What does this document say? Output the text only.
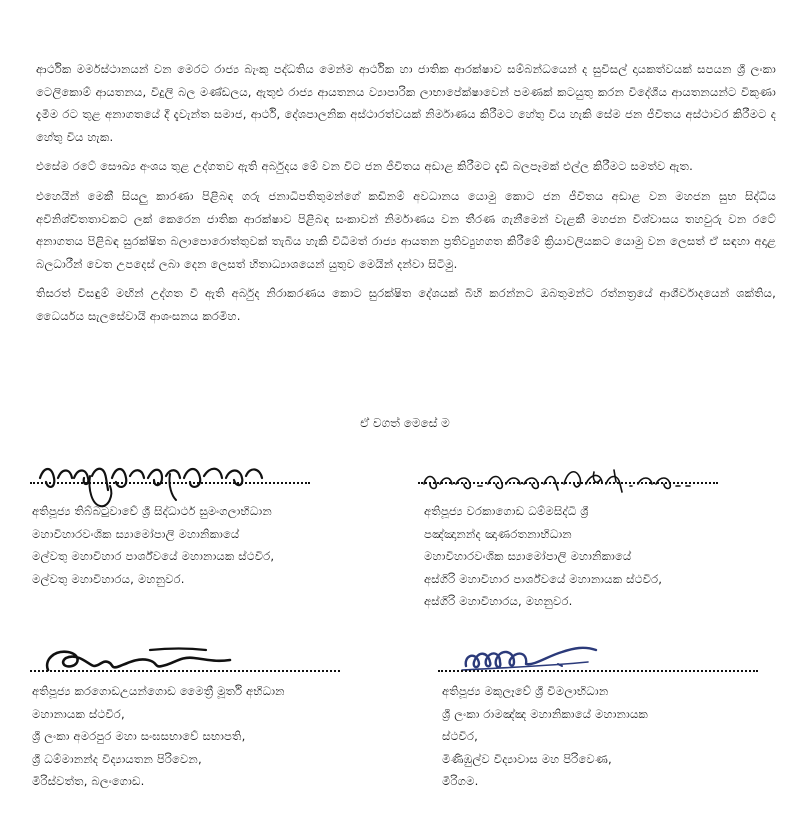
ආර්ථික මර්මස්ථානයන් වන මෙරට රාජ්‍ය බැංකු පද්ධතිය මෙන්ම ආර්ථික හා ජාතික ආරක්ෂාව සම්බන්ධයෙන් ද සුවිසල් දායකත්වයක් සපයන ශ්‍රී ලංකා ටෙලිකොම් ආයතනය, විදුලි බල මණ්ඩලය, ඇතුළු රාජ්‍ය ආයතනය ව්‍යාපාරික ලාභාපේක්ෂාවෙන් පමණක් කටයුතු කරන විදේශීය ආයතනයන්ට විකුණා දැමීම රට තුළ අනාගතයේ දී දැවැන්ත සමාජ, ආර්ථි, දේශපාලනික අස්ථාරත්වයක් නිර්මාණය කිරීමට හේතු විය හැකි සේම ජන ජීවිතය අස්ථාවර කිරීමට ද හේතු විය හැක.

එසේම රටේ සෞඛ්‍ය අංශය තුළ උද්ගතව ඇති අර්බුදය මේ වන විට ජන ජීවිතය අඩාළ කිරීමට දැඩි බලපෑමක් එල්ල කිරීමට සමත්ව ඇත.

එහෙයින් මෙකී සියලු කාරණා පිළිබඳ ගරු ජනාධිපතිතුමන්ගේ කඩිනම් අවධානය යොමු කොට ජන ජීවිතය අඩාළ වන මහජන සුභ සිද්ධිය අවිනිශ්චිතතාවකට ලක් කෙරෙන ජාතික ආරක්ෂාව පිළිබඳ සංකාවන් නිර්මාණය වන තීරණ ගැනීමෙන් වැළකී මහජන විශ්වාසය තහවුරු වන රටේ අනාගතය පිළිබඳ සුරක්ෂිත බලාපොරොත්තුවක් තැබිය හැකි විධිමත් රාජ්‍ය ආයතන ප්‍රතිව්‍යුහගත කිරීමේ ක්‍රියාවලියකට යොමු වන ලෙසත් ඒ සඳහා අදාළ බලධාරීන් වෙත උපදෙස් ලබා දෙන ලෙසත් හිතාධ්‍යාශයෙන් යුතුව මෙයින් දන්වා සිටිමු.

තිසරත් විසඳුම් මඟින් උද්ගත වී ඇති අර්බුද නිරාකරණය කොට සුරක්ෂිත දේශයක් බිහි කරන්නට ඔබතුමන්ට රත්නත්‍රයේ ආශීර්වාදයෙන් ශක්තිය, ධෛර්යය සැලසේවායි ආශංසනය කරමිහ.

ඒ වගත් මෙසේ ම
අතිපූජ්‍ය තිබ්බටුවාවේ ශ්‍රී සිද්ධාර්ථ සුමංගලාභිධාන
මහාවිහාරවංශික ස්‍යාමෝපාලි මහානිකායේ
මල්වතු මහාවිහාර පාර්ශ්වයේ මහානායක ස්ථවිර,
මල්වතු මහාවිහාරය, මහනුවර.
අතිපූජ්‍ය වරකාගොඩ ධම්මසිද්ධි ශ්‍රී
පඤ්ඤානන්ද ඤාණරතනාභිධාන
මහාවිහාරවංශික ස්‍යාමෝපාලි මහානිකායේ
අස්ගිරි මහාවිහාර පාර්ශ්වයේ මහානායක ස්ථවිර,
අස්ගිරි මහාවිහාරය, මහනුවර.
අතිපූජ්‍ය කරගොඩඋයන්ගොඩ මෛත්‍රී මූර්ති අභිධාන
මහානායක ස්ථවිර,
ශ්‍රී ලංකා අමරපුර මහා සංඝසභාවේ සභාපති,
ශ්‍රී ධම්මානන්ද විද්‍යායතන පිරිවෙන,
මිරිස්වත්ත, බලංගොඩ.
අතිපූජ්‍ය මකුලෑවේ ශ්‍රී විමලාභිධාන
ශ්‍රී ලංකා රාමඤ්ඤ මහානිකායේ මහානායක
ස්ථවිර,
මිණිඹුල්ව විද්‍යාවාස මහ පිරිවෙණ,
මීරිගම.
